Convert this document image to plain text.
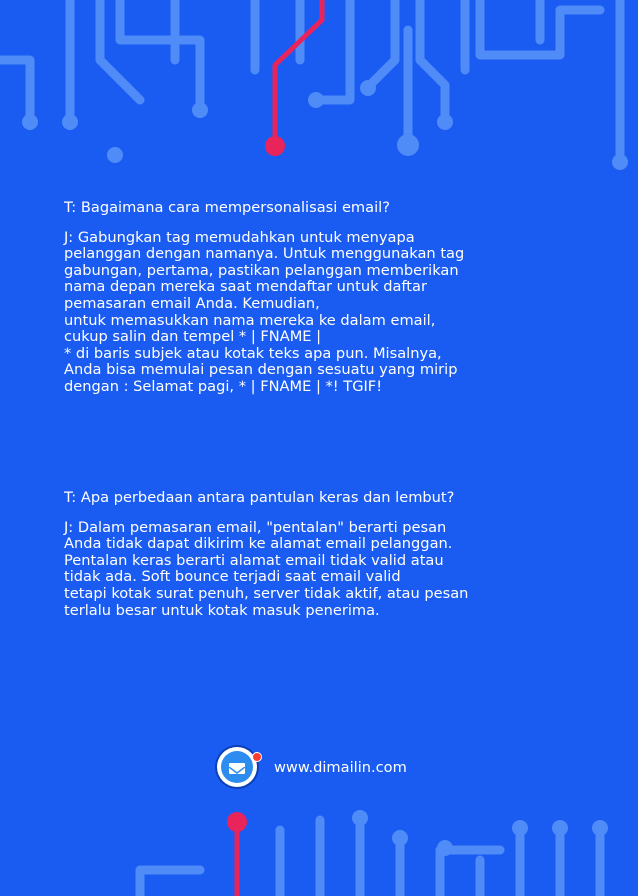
T: Bagaimana cara mempersonalisasi email?

J: Gabungkan tag memudahkan untuk menyapa
pelanggan dengan namanya. Untuk menggunakan tag
gabungan, pertama, pastikan pelanggan memberikan
nama depan mereka saat mendaftar untuk daftar
pemasaran email Anda. Kemudian,
untuk memasukkan nama mereka ke dalam email,
cukup salin dan tempel * | FNAME |
* di baris subjek atau kotak teks apa pun. Misalnya,
Anda bisa memulai pesan dengan sesuatu yang mirip
dengan : Selamat pagi, * | FNAME | *! TGIF!

T: Apa perbedaan antara pantulan keras dan lembut?

J: Dalam pemasaran email, "pentalan" berarti pesan
Anda tidak dapat dikirim ke alamat email pelanggan.
Pentalan keras berarti alamat email tidak valid atau
tidak ada. Soft bounce terjadi saat email valid
tetapi kotak surat penuh, server tidak aktif, atau pesan
terlalu besar untuk kotak masuk penerima.

www.dimailin.com
